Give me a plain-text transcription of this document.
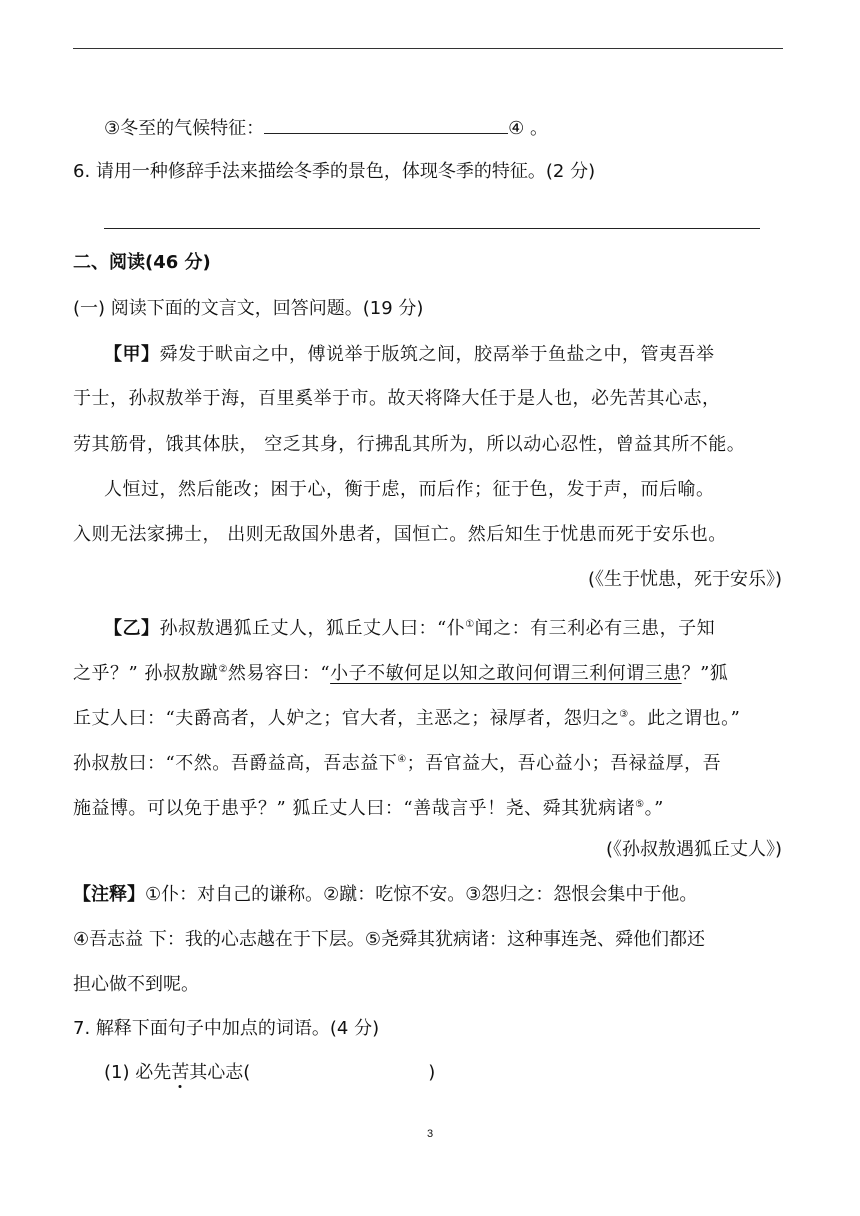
③冬至的气候特征：	④ 。
6. 请用一种修辞手法来描绘冬季的景色，体现冬季的特征。(2 分)
二、阅读(46 分)
(一) 阅读下面的文言文，回答问题。(19 分)
【甲】舜发于畎亩之中，傅说举于版筑之间，胶鬲举于鱼盐之中，管夷吾举
于士，孙叔敖举于海，百里奚举于市。故天将降大任于是人也，必先苦其心志，
劳其筋骨，饿其体肤， 空乏其身，行拂乱其所为，所以动心忍性，曾益其所不能。
人恒过，然后能改；困于心，衡于虑，而后作；征于色，发于声，而后喻。
入则无法家拂士， 出则无敌国外患者，国恒亡。然后知生于忧患而死于安乐也。
(《生于忧患，死于安乐》)
【乙】孙叔敖遇狐丘丈人，狐丘丈人曰：“仆①闻之：有三利必有三患，子知
之乎？” 孙叔敖蹴②然易容曰：“小子不敏何足以知之敢问何谓三利何谓三患？”狐
丘丈人曰：“夫爵高者，人妒之；官大者，主恶之；禄厚者，怨归之③。此之谓也。”
孙叔敖曰：“不然。吾爵益高，吾志益下④；吾官益大，吾心益小；吾禄益厚，吾
施益博。可以免于患乎？” 狐丘丈人曰：“善哉言乎！尧、舜其犹病诸⑤。”
(《孙叔敖遇狐丘丈人》)
【注释】①仆：对自己的谦称。②蹴：吃惊不安。③怨归之：怨恨会集中于他。
④吾志益 下：我的心志越在于下层。⑤尧舜其犹病诸：这种事连尧、舜他们都还
担心做不到呢。
7. 解释下面句子中加点的词语。(4 分)
(1) 必先苦其心志(	)
3
